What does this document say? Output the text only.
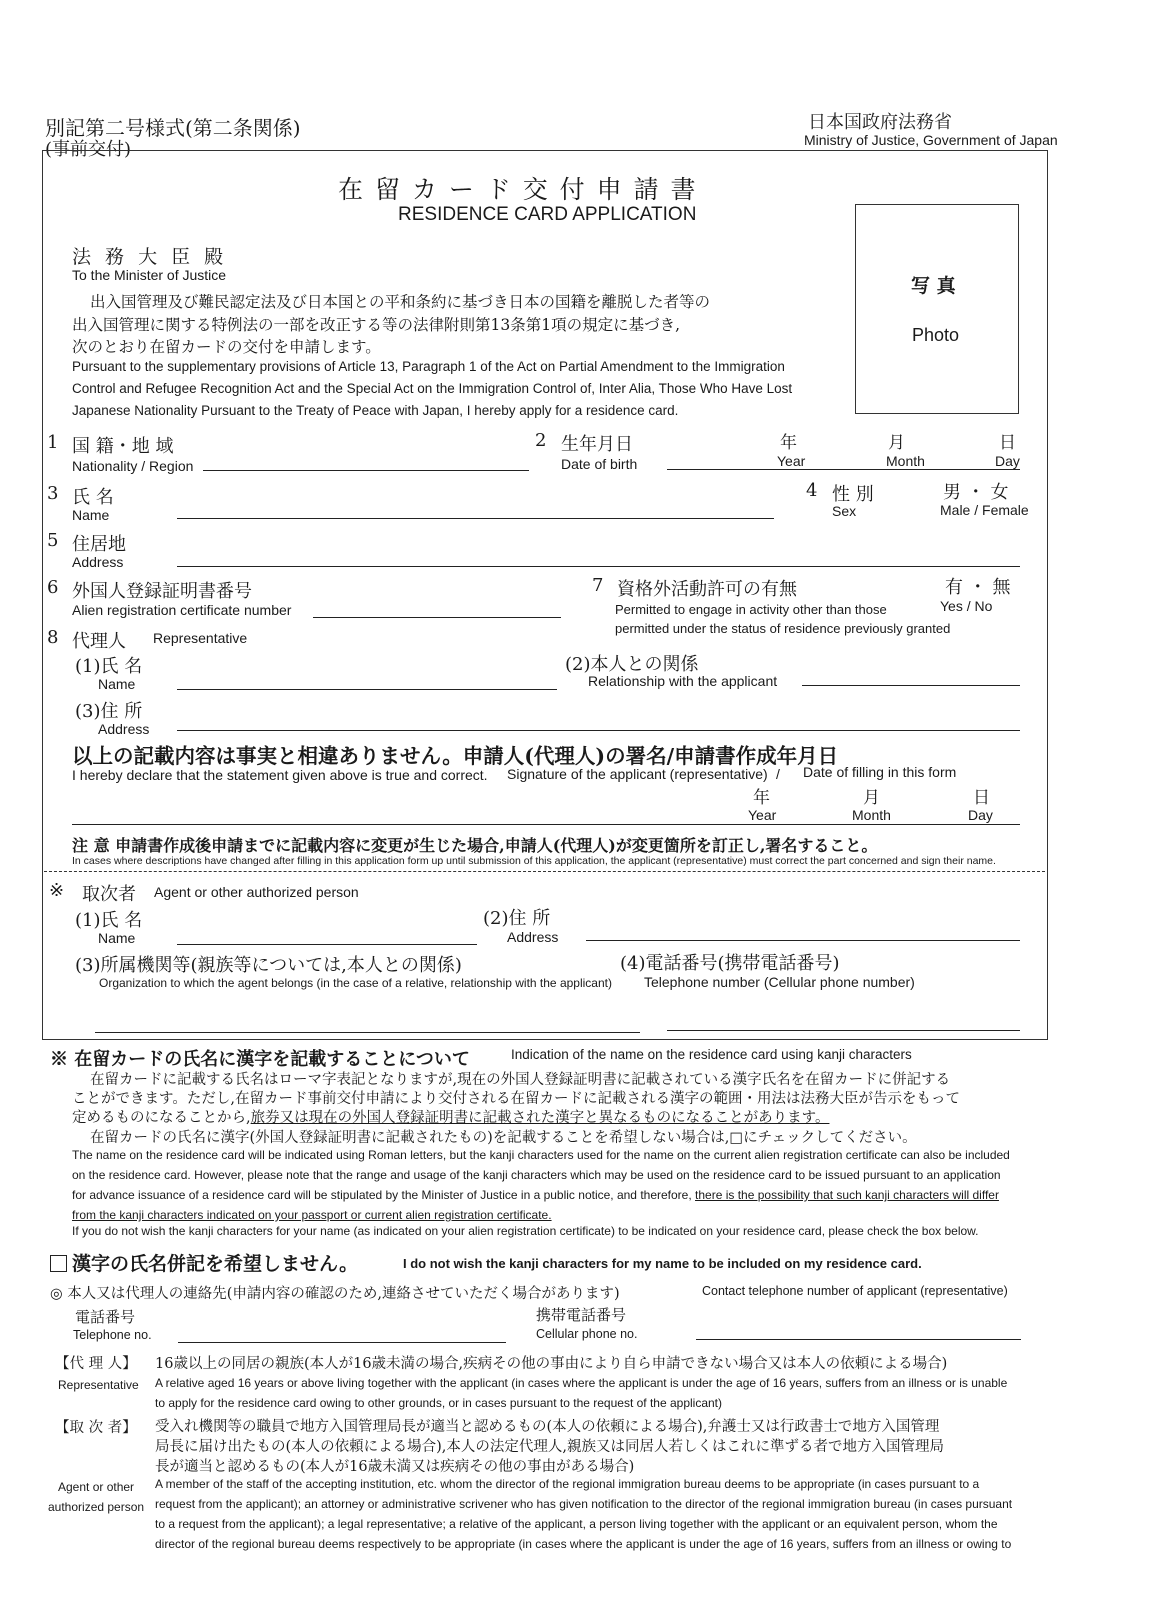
別記第二号様式(第二条関係)
(事前交付)
日本国政府法務省
Ministry of Justice, Government of Japan
在 留 カ ー ド 交 付 申 請 書
RESIDENCE CARD APPLICATION
写 真
Photo
法 務 大 臣 殿
To the Minister of Justice
出入国管理及び難民認定法及び日本国との平和条約に基づき日本の国籍を離脱した者等の
出入国管理に関する特例法の一部を改正する等の法律附則第13条第1項の規定に基づき,
次のとおり在留カードの交付を申請します。
Pursuant to the supplementary provisions of Article 13, Paragraph 1 of the Act on Partial Amendment to the Immigration
Control and Refugee Recognition Act and the Special Act on the Immigration Control of, Inter Alia, Those Who Have Lost
Japanese Nationality Pursuant to the Treaty of Peace with Japan, I hereby apply for a residence card.
1 国 籍・地 域
Nationality / Region
2 生年月日
Date of birth
年
Year
月
Month
日
Day
3 氏 名
Name
4 性 別
Sex
男 ・ 女
Male / Female
5 住居地
Address
6 外国人登録証明書番号
Alien registration certificate number
7 資格外活動許可の有無
Permitted to engage in activity other than those
permitted under the status of residence previously granted
有 ・ 無
Yes / No
8 代理人 Representative
(1)氏 名
Name
(2)本人との関係
Relationship with the applicant
(3)住 所
Address
以上の記載内容は事実と相違ありません。申請人(代理人)の署名/申請書作成年月日
I hereby declare that the statement given above is true and correct. Signature of the applicant (representative) / Date of filling in this form
年
Year
月
Month
日
Day
注 意 申請書作成後申請までに記載内容に変更が生じた場合,申請人(代理人)が変更箇所を訂正し,署名すること。
In cases where descriptions have changed after filling in this application form up until submission of this application, the applicant (representative) must correct the part concerned and sign their name.
※ 取次者 Agent or other authorized person
(1)氏 名
Name
(2)住 所
Address
(3)所属機関等(親族等については,本人との関係)
Organization to which the agent belongs (in the case of a relative, relationship with the applicant)
(4)電話番号(携帯電話番号)
Telephone number (Cellular phone number)
※ 在留カードの氏名に漢字を記載することについて	Indication of the name on the residence card using kanji characters
在留カードに記載する氏名はローマ字表記となりますが,現在の外国人登録証明書に記載されている漢字氏名を在留カードに併記する
ことができます。ただし,在留カード事前交付申請により交付される在留カードに記載される漢字の範囲・用法は法務大臣が告示をもって
定めるものになることから,旅券又は現在の外国人登録証明書に記載された漢字と異なるものになることがあります。
在留カードの氏名に漢字(外国人登録証明書に記載されたもの)を記載することを希望しない場合は,□にチェックしてください。
The name on the residence card will be indicated using Roman letters, but the kanji characters used for the name on the current alien registration certificate can also be included
on the residence card. However, please note that the range and usage of the kanji characters which may be used on the residence card to be issued pursuant to an application
for advance issuance of a residence card will be stipulated by the Minister of Justice in a public notice, and therefore, there is the possibility that such kanji characters will differ
from the kanji characters indicated on your passport or current alien registration certificate.
If you do not wish the kanji characters for your name (as indicated on your alien registration certificate) to be indicated on your residence card, please check the box below.
漢字の氏名併記を希望しません。	I do not wish the kanji characters for my name to be included on my residence card.
◎ 本人又は代理人の連絡先(申請内容の確認のため,連絡させていただく場合があります)	Contact telephone number of applicant (representative)
電話番号
Telephone no.
携帯電話番号
Cellular phone no.
【代 理 人】 16歳以上の同居の親族(本人が16歳未満の場合,疾病その他の事由により自ら申請できない場合又は本人の依頼による場合)
Representative A relative aged 16 years or above living together with the applicant (in cases where the applicant is under the age of 16 years, suffers from an illness or is unable
to apply for the residence card owing to other grounds, or in cases pursuant to the request of the applicant)
【取 次 者】 受入れ機関等の職員で地方入国管理局長が適当と認めるもの(本人の依頼による場合),弁護士又は行政書士で地方入国管理
局長に届け出たもの(本人の依頼による場合),本人の法定代理人,親族又は同居人若しくはこれに準ずる者で地方入国管理局
長が適当と認めるもの(本人が16歳未満又は疾病その他の事由がある場合)
Agent or other
authorized person
A member of the staff of the accepting institution, etc. whom the director of the regional immigration bureau deems to be appropriate (in cases pursuant to a
request from the applicant); an attorney or administrative scrivener who has given notification to the director of the regional immigration bureau (in cases pursuant
to a request from the applicant); a legal representative; a relative of the applicant, a person living together with the applicant or an equivalent person, whom the
director of the regional bureau deems respectively to be appropriate (in cases where the applicant is under the age of 16 years, suffers from an illness or owing to
